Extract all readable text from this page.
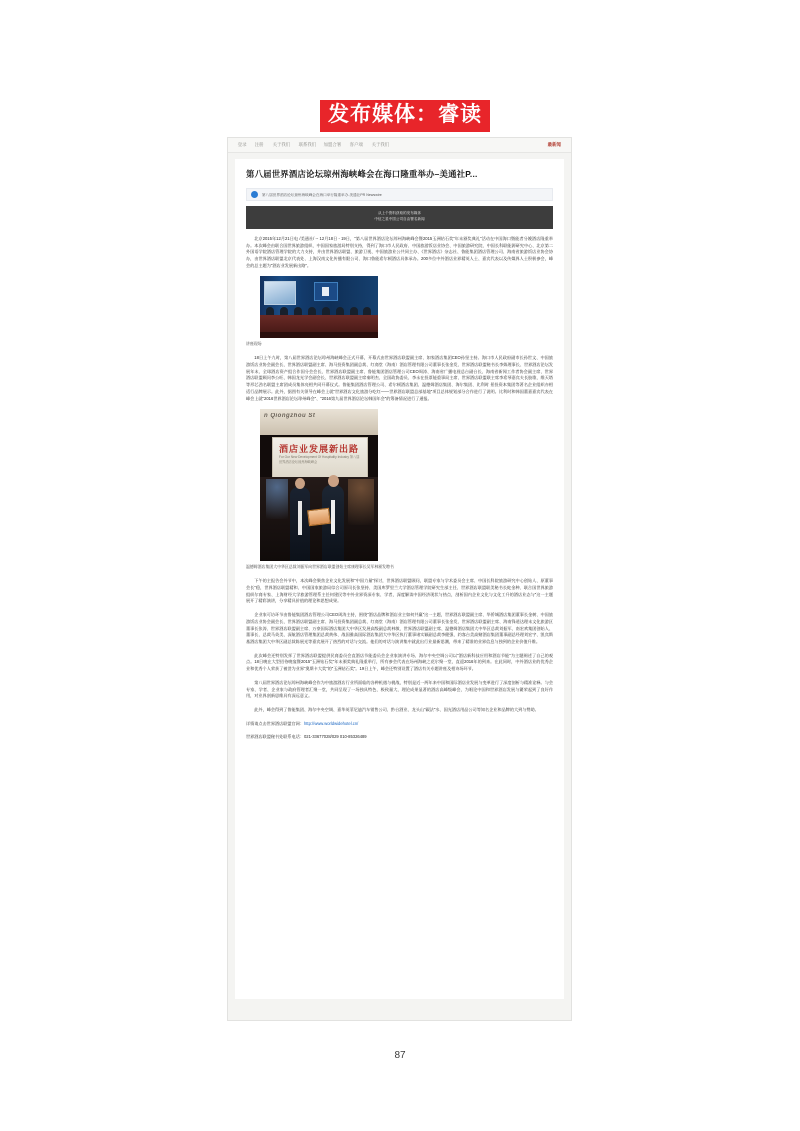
发布媒体：睿读
登录 注册 关于我们 联系我们 加盟合署 客户端 关于我们	最新闻
第八届世界酒店论坛琼州海峡峰会在海口隆重举办–美通社P...
第八届世界酒店论坛琼州海峡峰会在海口举行隆重举办-美通社PR Newswire
从上个资料获取的发布媒体
中信之星中国公司自由署名新闻

北京2015年12月21日电 /美通社/ -- 12月18日 - 19日，"第八届世界酒店论坛琼州海峡峰会暨2015玉洲钻石奖"年末颁奖典礼"活动在中国海口暨能者分娩酒店隆重举办。本次峰会由联合国世界旅游组织、中国国家旅游局特别支持，得到了海口市人民政府、中国旅游饭店业协会、中国旅游研究院、中国长科联能源研究中心、北京第二外国语学院酒店管理学院的大力支持，并由世界酒店联盟、旅游卫视、中国旅游业公共同主办、《世界酒店》杂志社、鲁能集团酒店管理公司、海南省旅游饭店业协会协办，由世界酒店联盟北京代表处、上海汉南文化传播有限公司、海口鲁能希尔顿酒店具体承办。200多位中外酒店业界精英人士、嘉宾代表以及传媒界人士积极参会，峰会的总主题为"酒店业发展新出路"。

讲座现场

18日上午九时，第八届世界酒店论坛琼州海峡峰会正式开幕，开幕式由世界酒店联盟副主席、如家酒店集团CEO孙坚主持。海口市人民政府副市长孙世文、中国旅游饭店业协会副会长、世界酒店联盟副主席、海马投资集团副总裁、红商堂（海南）酒店管理有限公司董事长张金发、世界酒店联盟秘书长李姝理事长、世界酒店论坛发展年末、全球酒店资产组合作国分会会长、世界酒店联盟副主席、鲁能集团酒店管理公司CEO周涛、海南省广播电视总台副台长、海南省新闻工作者协会副主席、世界酒店联盟顾问李公旺、韩国龙光学会副会长、世界酒店联盟副主席秦明杰、全国政协委员、李永在投票能重事局主席、世界酒店联盟联主席李希琴嘉宾夫长胶歌、维天塔等形芯劲名联盟主席团成员集体亮相共同开幕仪式。鲁能集团酒店管理公司、希尔顿酒店集团、温德姆酒店集团、海尔集团、比利时 景投资本集团等著名企业组织亦相适行品牌展示。此外，据图有关领导在峰会上就"世界酒店文化旅游分吃红——世界酒店联盟总部基地"项目总体规划部分合作进行了说明。比利时和韩国董嘉嘉宾代表在峰会上就"2016世界酒店论坛琼州峰会"、"2016第九届世界酒店论坛韩国年会"的筹备情况进行了通报。

n Qiongzhou St
酒店业发展新出路
For Our New Development Of Hospitality Industry 第八届世界酒店论坛琼州海峡峰会
温德姆酒店集团大中华区总裁刘振军向世界酒店联盟创始主席康理事长吴军林颁发聘书

下午的主报告会外节中，本次峰会聚焦企业文化发展和"中国力量"探讨，世界酒店联盟顾问，联盟专家与学术委员会主席、中国长科院旅游研究中心创始人、原董事会长"稳，世界酒店联盟精和、中国国家旅游局综合司原司长张坚持、美国库罗里兰大学酒店管理学院研究生部主任、世界酒店联盟联美秘书长蛇金种、联合国世界旅游组织尔商专家、上海财经大学旅游管理系主任何建民等中外业界资深专家、学者，深度解读中国经济现状与热点，剖析国内企业文化与文化工升的酒店业态与"这一主题展开了精彩演讲，分享精具价值的理论和思想成果。

企业家可访环节由鲁能集团酒店管理公司CEO周涛主持，围绕"酒店品牌和酒店业主如何共赢"这一主题，世界酒店联盟副主席、华侨城酒店集团董事长金树、中国旅游饭店业协会副会长、世界酒店联盟副主席、海马投资集团副总裁、红商堂（海南）酒店管理有限公司董事长张金发、世界酒店联盟副主席、海南锋道达理末文化旅游区董事长张涛、世界酒店联盟副主席、万豪国际酒店集团大中华区发展高级副总裁林敏、世界酒店联盟副主席、温德姆酒店集团大中华区总裁刘振军、南宏欢集团创始人、董事长、总裁马英美、深航酒店管理集团总裁黄伟、战国雅高国际酒店集团大中华区执行董事诸实颖副总裁李健强、约客台美高赌酒店集团董事副总经理刘宏宇、凯宾斯基酒店集团大中华区副总裁陈展光等嘉宾展开了热烈的对话与交流。他们的对话与演讲集中就此出行业最新思潮，带来了精准的业界信息与独到的企业价值升维。

此次峰会还特别发挥了世界酒店联盟提供民商委员会直酒店节能委员会企业家演讲专场、海尔中央空调公司以"酒店新科技应用和酒店节能"为主题阐述了自己的观点。18日晚在大型招待晚宴暨2015"玉洲钻石奖"年末颁奖典礼隆重举行，所有参会代表在场州海峡之花尔聚一堂，直迎2016年的到来。在此同时，中外酒店业的优秀企业和优秀个人荣获了被誉为业界"奥斯卡大奖"的"玉洲钻石奖"。19日上午，峰会还特别设置了酒店有关专题讲座及相诗场环节。

第八届世界酒店论坛琼州海峡峰会作为中旅游酒店行业所面临的各种机遇与桃战，特别是近一两年来中国和国际酒店业发展与变革进行了深度剖析与精准诠释。与会专家、学者、企业家与政府管理者汇聚一堂，共同呈现了一场独具特色、极致量大、理论成果显著的酒店高峰级峰会，为唱论中国和世界酒店发展与繁荣起到了良好作用，对业界剖新思维具有深远意义。

此外，峰会得到了鲁能集团、海尔中央空调、嘉华英菲尼迪汽车销售公司、黔台酒业、龙头山"碳法"水、国光酒店用品公司等知名企业和品牌的大到与赞助。

详情请点击世界酒店联盟官网：http://www.worldwidehotel.cn/

世界酒店联盟秘书处联系电话：021-33677028/029 010-85326489

87
